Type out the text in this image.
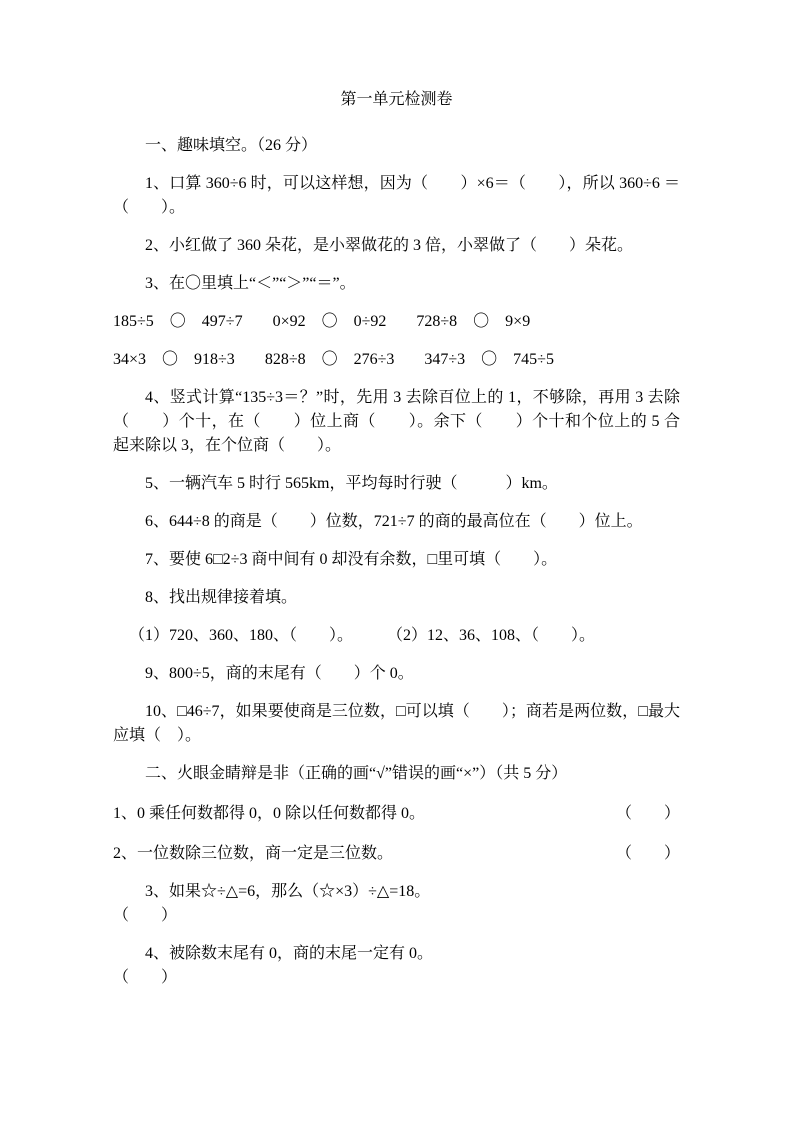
第一单元检测卷

一、趣味填空。（26 分）

1、口算 360÷6 时，可以这样想，因为（　　）×6＝（　　），所以 360÷6 ＝（　　）。

2、小红做了 360 朵花，是小翠做花的 3 倍，小翠做了（　　）朵花。

3、在〇里填上“＜”“＞”“＝”。

185÷5　〇　497÷7 0×92　〇　0÷92 728÷8　〇　9×9
34×3　〇　918÷3 828÷8　〇　276÷3 347÷3　〇　745÷5

4、竖式计算“135÷3＝？”时，先用 3 去除百位上的 1，不够除，再用 3 去除（　　）个十，在（　　）位上商（　　）。余下（　　）个十和个位上的 5 合起来除以 3，在个位商（　　）。

5、一辆汽车 5 时行 565km，平均每时行驶（　　　）km。

6、644÷8 的商是（　　）位数，721÷7 的商的最高位在（　　）位上。

7、要使 6□2÷3 商中间有 0 却没有余数，□里可填（　　）。

8、找出规律接着填。

（1）720、360、180、（　　）。 （2）12、36、108、（　　）。

9、800÷5，商的末尾有（　　）个 0。

10、□46÷7，如果要使商是三位数，□可以填（　　）；商若是两位数，□最大应填（　）。

二、火眼金睛辩是非（正确的画“√”错误的画“×”）（共 5 分）

1、0 乘任何数都得 0，0 除以任何数都得 0。	（　　）
2、一位数除三位数，商一定是三位数。	（　　）

3、如果☆÷△=6，那么（☆×3）÷△=18。

（　　）

4、被除数末尾有 0，商的末尾一定有 0。

（　　）
